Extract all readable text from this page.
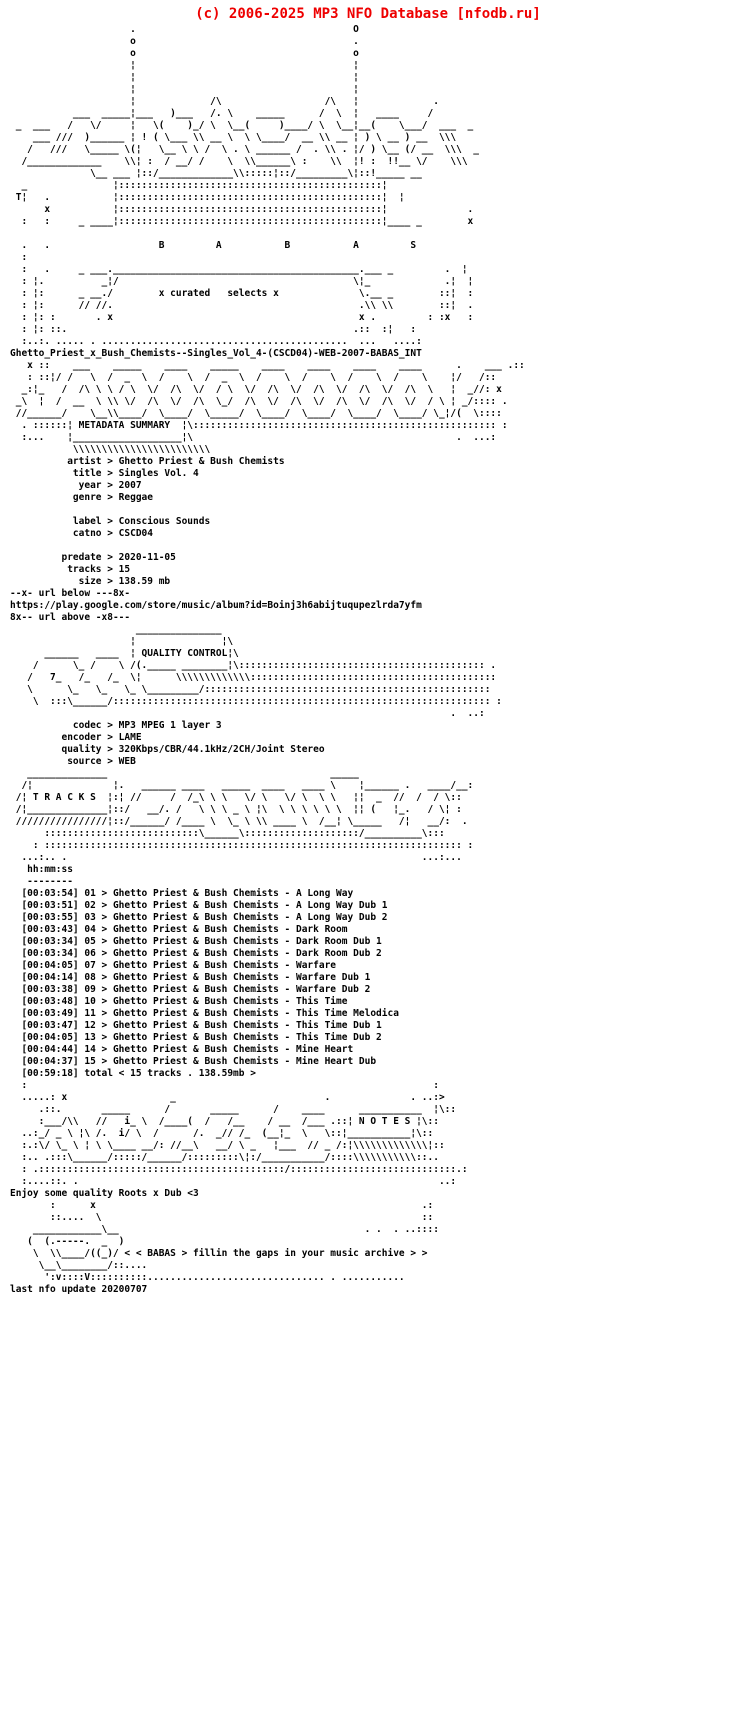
(c) 2006-2025 MP3 NFO Database [nfodb.ru]
.                                      O
o                                      .
o                                      o
¦                                      ¦
¦                                      ¦
¦                                      ¦
¦             /\                  /\   ¦             .
___  _____¦___   )___   /. \    _____      /  \  ¦   ____     /
_  ___   /   \/     ¦   \(    )_/ \  \__(     )____/ \  \__¦__(    \___/  ___  _
___ ///  )______ ¦ ! ( \___ \\ __ \  \ \____/  __ \\ __ ¦ ) \ __ ) __  \\\
/   ///   \_____ \(¦   \__ \ \ /  \ . \ ______ /  . \\ . ¦/ ) \__ (/ __  \\\  _
/_____________    \\¦ :  / __/ /    \  \\______\ :    \\  ¦! :  !!__ \/    \\\
\__ ___ ¦::/_____________\\:::::¦::/_________\¦::!_____ __
_               ¦::::::::::::::::::::::::::::::::::::::::::::::¦
T¦   .           ¦::::::::::::::::::::::::::::::::::::::::::::::¦  ¦
x           ¦::::::::::::::::::::::::::::::::::::::::::::::¦              .
:   :     _ ____¦::::::::::::::::::::::::::::::::::::::::::::::¦____ _        x

.   .                   B         A           B           A         S
:
:   .     _ ___.___________________________________________.___ _         .  ¦
: ¦.          _¦/                                         \¦_             .¦  ¦
: ¦:      _ __./        x curated   selects x              \.__ _        ::¦  :
: ¦:      // //.                                           .\\ \\        ::¦  .
: ¦: :       . x                                           x .         : :x   :
: ¦: ::.                                                  .::  :¦   :
:..:. ..... . ...........................................  ...   ....:
Ghetto_Priest_x_Bush_Chemists--Singles_Vol_4-(CSCD04)-WEB-2007-BABAS_INT
x ::    ___    _____    ____    _____    ____    ____    ____    ____      .    ___ .::
: ::¦/ /   \  /  _  \  /    \  /  _  \  /    \  /    \  /    \  /    \    ¦/   /::
_:¦_   /  /\ \ \ / \  \/  /\  \/  / \  \/  /\  \/  /\  \/  /\  \/  /\  \   ¦  _//: x
_\  ¦  /  __  \ \\ \/  /\  \/  /\  \_/  /\  \/  /\  \/  /\  \/  /\  \/  / \ ¦ _/:::: .
//______/    \__\\____/  \____/  \_____/  \____/  \____/  \____/  \____/ \_¦/(  \::::
. ::::::¦ METADATA SUMMARY  ¦\::::::::::::::::::::::::::::::::::::::::::::::::::::: :
:...    ¦___________________¦\                                              .  ...:
\\\\\\\\\\\\\\\\\\\\\\\\
artist > Ghetto Priest & Bush Chemists
title > Singles Vol. 4
year > 2007
genre > Reggae

label > Conscious Sounds
catno > CSCD04

predate > 2020-11-05
tracks > 15
size > 138.59 mb
--x- url below ---8x-
https://play.google.com/store/music/album?id=Boinj3h6abijtuqupezlrda7yfm
8x-- url above -x8---
_______________
¦               ¦\
______   ____  ¦ QUALITY CONTROL¦\
/      \_ /    \ /(._____ ________¦\::::::::::::::::::::::::::::::::::::::::::: .
/   7_   /_   /_  \¦      \\\\\\\\\\\\\:::::::::::::::::::::::::::::::::::::::::::
\      \_   \_   \_ \_________/::::::::::::::::::::::::::::::::::::::::::::::::::
\  :::\______/:::::::::::::::::::::::::::::::::::::::::::::::::::::::::::::::::: :
.  ..:
codec > MP3 MPEG 1 layer 3
encoder > LAME
quality > 320Kbps/CBR/44.1kHz/2CH/Joint Stereo
source > WEB
______________                                       _____
/¦              ¦.   ______ ____   _____  ____   ____ \    ¦______ .   ____/__:
/¦ T R A C K S  ¦:¦ //     /  /_\ \ \   \/ \   \/ \  \ \   ¦¦  _  //  /  / \::
/¦______________¦::/   __/. /   \ \ \ _ \ ¦\  \ \ \ \ \ \  ¦¦ (   ¦_.   / \¦ :
////////////////¦::/______/ /____ \  \_ \ \\ ____ \  /__¦ \_____   /¦   __/:  .
:::::::::::::::::::::::::::\______\::::::::::::::::::::/__________\:::
: ::::::::::::::::::::::::::::::::::::::::::::::::::::::::::::::::::::::::: :
...:.. .                                                              ...:...
hh:mm:ss
--------
[00:03:54] 01 > Ghetto Priest & Bush Chemists - A Long Way
[00:03:51] 02 > Ghetto Priest & Bush Chemists - A Long Way Dub 1
[00:03:55] 03 > Ghetto Priest & Bush Chemists - A Long Way Dub 2
[00:03:43] 04 > Ghetto Priest & Bush Chemists - Dark Room
[00:03:34] 05 > Ghetto Priest & Bush Chemists - Dark Room Dub 1
[00:03:34] 06 > Ghetto Priest & Bush Chemists - Dark Room Dub 2
[00:04:05] 07 > Ghetto Priest & Bush Chemists - Warfare
[00:04:14] 08 > Ghetto Priest & Bush Chemists - Warfare Dub 1
[00:03:38] 09 > Ghetto Priest & Bush Chemists - Warfare Dub 2
[00:03:48] 10 > Ghetto Priest & Bush Chemists - This Time
[00:03:49] 11 > Ghetto Priest & Bush Chemists - This Time Melodica
[00:03:47] 12 > Ghetto Priest & Bush Chemists - This Time Dub 1
[00:04:05] 13 > Ghetto Priest & Bush Chemists - This Time Dub 2
[00:04:44] 14 > Ghetto Priest & Bush Chemists - Mine Heart
[00:04:37] 15 > Ghetto Priest & Bush Chemists - Mine Heart Dub
[00:59:18] total < 15 tracks . 138.59mb >
:                                                                       :
.....: x                  _                          .              . ..:>
.::.       _____      /       _____      /    ____      ___________  ¦\::
:___/\\   //   i_ \  /____(  /   /__    / __  /___ .::¦ N O T E S ¦\::
..:_/ _ \ ¦\ /.  i/ \  /      /.  _// /_  (__¦_  \   \::¦___________¦\::
:.:\/ \_ \ ¦ \ \____ __/: //__\   __/ \ _   ¦___  // _ /:¦\\\\\\\\\\\\\¦::
:.. .:::\______/:::::/______/:::::::::\¦:/___________/::::\\\\\\\\\\\::..
: .:::::::::::::::::::::::::::::::::::::::::::/:::::::::::::::::::::::::::::.:
:....::. .                                                               ..:
Enjoy some quality Roots x Dub <3
:      x                                                         .:
::....  \                                                        ::
____________\__                                           . .  . ..::::
(  (.-----.  _  )
\  \\____/((_)/ < < BABAS > fillin the gaps in your music archive > >
\__\________/::....
':v::::V::::::::::............................... . ...........
last nfo update 20200707
